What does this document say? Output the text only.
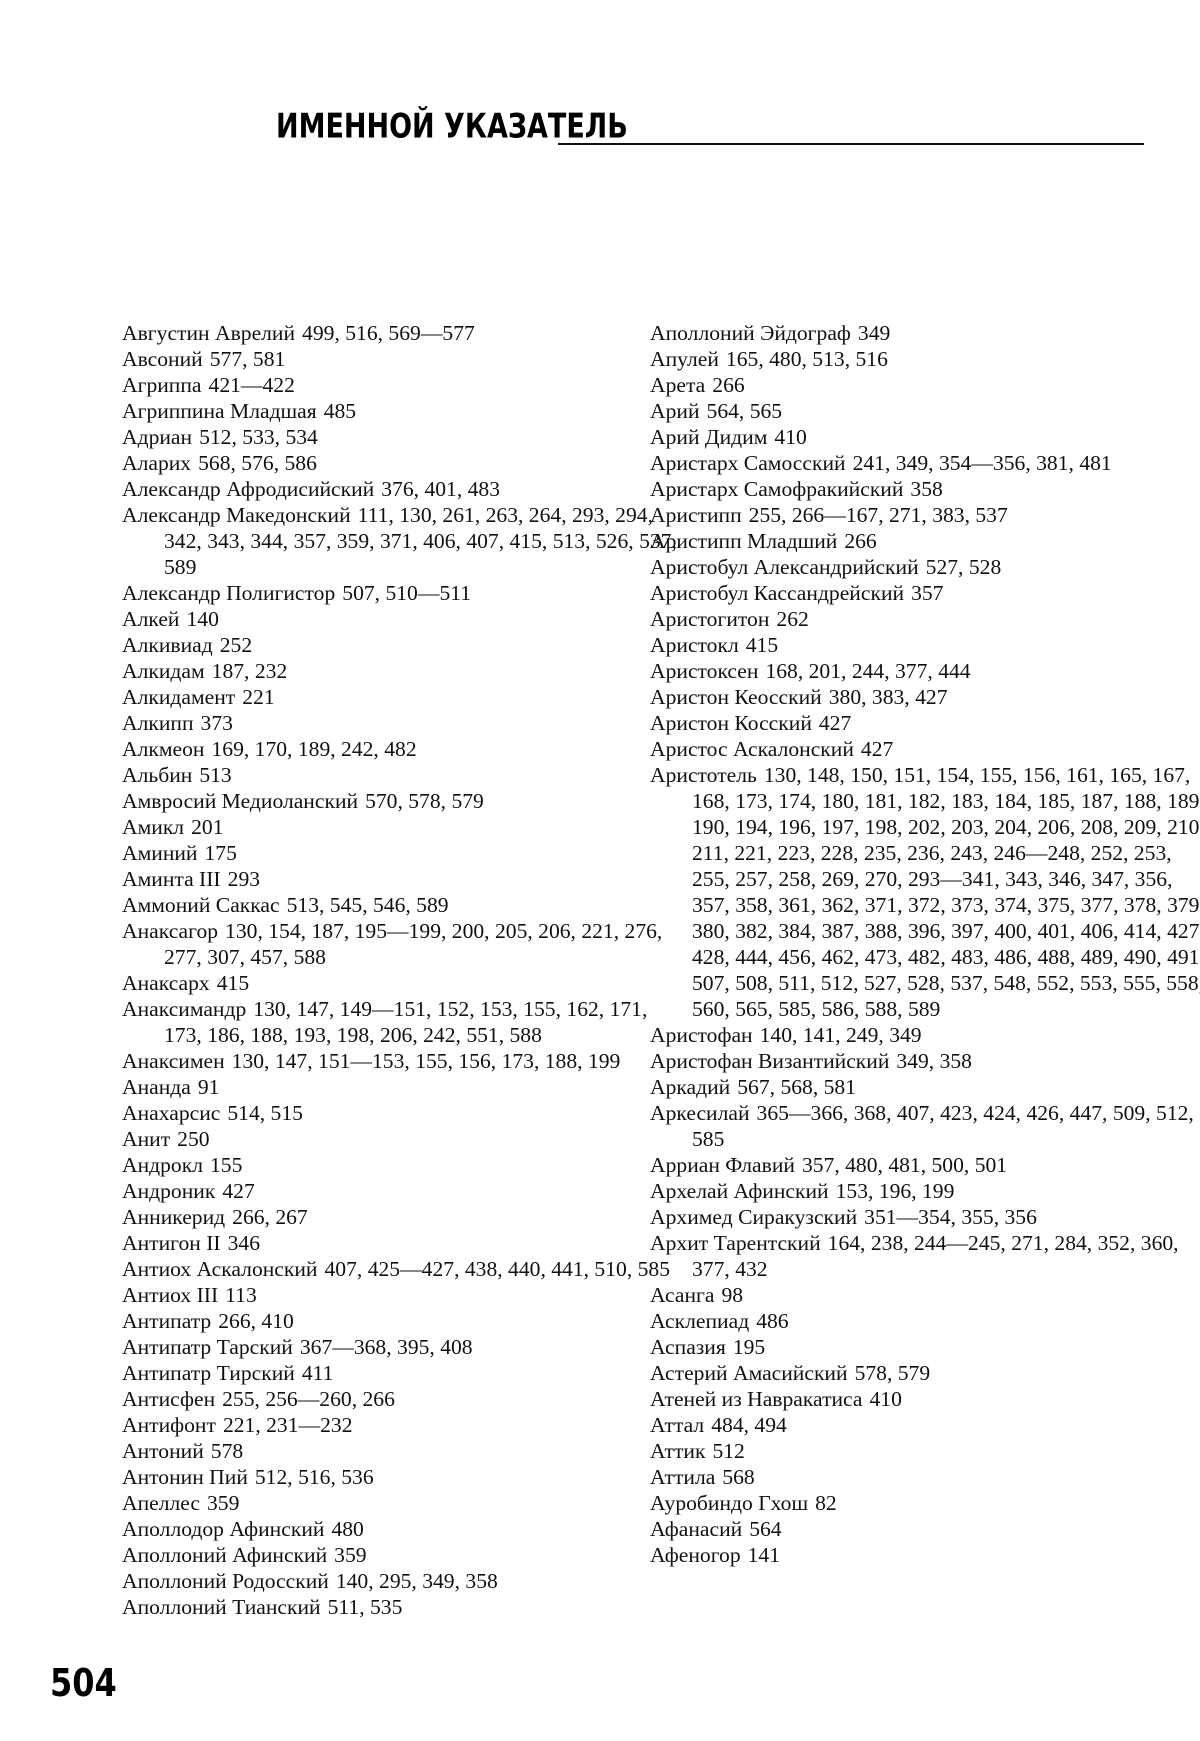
ИМЕННОЙ УКАЗАТЕЛЬ
Августин Аврелий 499, 516, 569—577
Авсоний 577, 581
Агриппа 421—422
Агриппина Младшая 485
Адриан 512, 533, 534
Аларих 568, 576, 586
Александр Афродисийский 376, 401, 483
Александр Македонский 111, 130, 261, 263, 264, 293, 294, 342, 343, 344, 357, 359, 371, 406, 407, 415, 513, 526, 537, 589
Александр Полигистор 507, 510—511
Алкей 140
Алкивиад 252
Алкидам 187, 232
Алкидамент 221
Алкипп 373
Алкмеон 169, 170, 189, 242, 482
Альбин 513
Амвросий Медиоланский 570, 578, 579
Амикл 201
Аминий 175
Аминта III 293
Аммоний Саккас 513, 545, 546, 589
Анаксагор 130, 154, 187, 195—199, 200, 205, 206, 221, 276, 277, 307, 457, 588
Анаксарх 415
Анаксимандр 130, 147, 149—151, 152, 153, 155, 162, 171, 173, 186, 188, 193, 198, 206, 242, 551, 588
Анаксимен 130, 147, 151—153, 155, 156, 173, 188, 199
Ананда 91
Анахарсис 514, 515
Анит 250
Андрокл 155
Андроник 427
Анникерид 266, 267
Антигон II 346
Антиох Аскалонский 407, 425—427, 438, 440, 441, 510, 585
Антиох III 113
Антипатр 266, 410
Антипатр Тарский 367—368, 395, 408
Антипатр Тирский 411
Антисфен 255, 256—260, 266
Антифонт 221, 231—232
Антоний 578
Антонин Пий 512, 516, 536
Апеллес 359
Аполлодор Афинский 480
Аполлоний Афинский 359
Аполлоний Родосский 140, 295, 349, 358
Аполлоний Тианский 511, 535
Аполлоний Эйдограф 349
Апулей 165, 480, 513, 516
Арета 266
Арий 564, 565
Арий Дидим 410
Аристарх Самосский 241, 349, 354—356, 381, 481
Аристарх Самофракийский 358
Аристипп 255, 266—167, 271, 383, 537
Аристипп Младший 266
Аристобул Александрийский 527, 528
Аристобул Кассандрейский 357
Аристогитон 262
Аристокл 415
Аристоксен 168, 201, 244, 377, 444
Аристон Кеосский 380, 383, 427
Аристон Косский 427
Аристос Аскалонский 427
Аристотель 130, 148, 150, 151, 154, 155, 156, 161, 165, 167, 168, 173, 174, 180, 181, 182, 183, 184, 185, 187, 188, 189, 190, 194, 196, 197, 198, 202, 203, 204, 206, 208, 209, 210, 211, 221, 223, 228, 235, 236, 243, 246—248, 252, 253, 255, 257, 258, 269, 270, 293—341, 343, 346, 347, 356, 357, 358, 361, 362, 371, 372, 373, 374, 375, 377, 378, 379, 380, 382, 384, 387, 388, 396, 397, 400, 401, 406, 414, 427, 428, 444, 456, 462, 473, 482, 483, 486, 488, 489, 490, 491, 507, 508, 511, 512, 527, 528, 537, 548, 552, 553, 555, 558, 560, 565, 585, 586, 588, 589
Аристофан 140, 141, 249, 349
Аристофан Византийский 349, 358
Аркадий 567, 568, 581
Аркесилай 365—366, 368, 407, 423, 424, 426, 447, 509, 512, 585
Арриан Флавий 357, 480, 481, 500, 501
Архелай Афинский 153, 196, 199
Архимед Сиракузский 351—354, 355, 356
Архит Тарентский 164, 238, 244—245, 271, 284, 352, 360, 377, 432
Асанга 98
Асклепиад 486
Аспазия 195
Астерий Амасийский 578, 579
Атеней из Навракатиса 410
Аттал 484, 494
Аттик 512
Аттила 568
Ауробиндо Гхош 82
Афанасий 564
Афеногор 141
504
